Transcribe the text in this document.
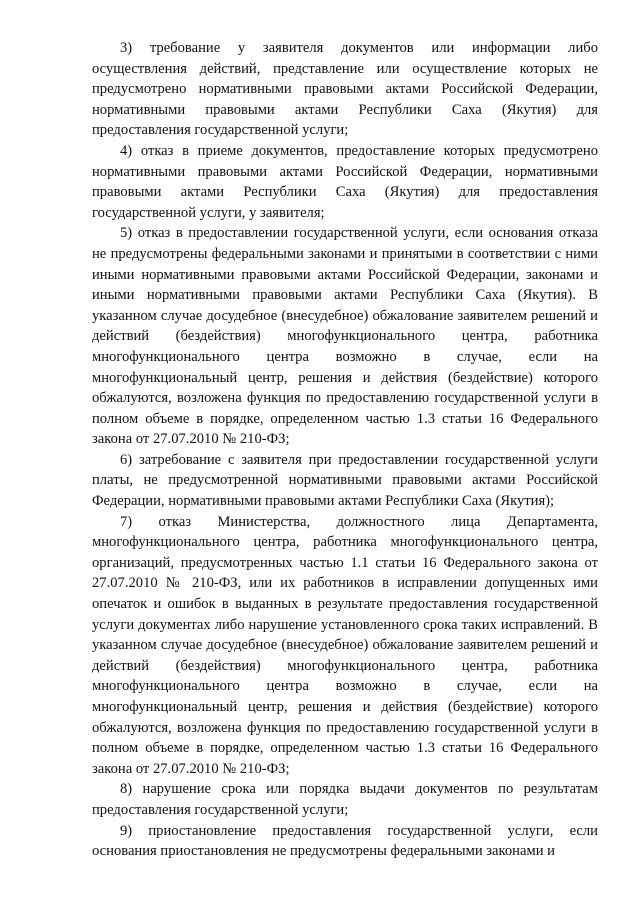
3) требование у заявителя документов или информации либо осуществления действий, представление или осуществление которых не предусмотрено нормативными правовыми актами Российской Федерации, нормативными правовыми актами Республики Саха (Якутия) для предоставления государственной услуги;

4) отказ в приеме документов, предоставление которых предусмотрено нормативными правовыми актами Российской Федерации, нормативными правовыми актами Республики Саха (Якутия) для предоставления государственной услуги, у заявителя;

5) отказ в предоставлении государственной услуги, если основания отказа не предусмотрены федеральными законами и принятыми в соответствии с ними иными нормативными правовыми актами Российской Федерации, законами и иными нормативными правовыми актами Республики Саха (Якутия). В указанном случае досудебное (внесудебное) обжалование заявителем решений и действий (бездействия) многофункционального центра, работника многофункционального центра возможно в случае, если на многофункциональный центр, решения и действия (бездействие) которого обжалуются, возложена функция по предоставлению государственной услуги в полном объеме в порядке, определенном частью 1.3 статьи 16 Федерального закона от 27.07.2010 № 210-ФЗ;

6) затребование с заявителя при предоставлении государственной услуги платы, не предусмотренной нормативными правовыми актами Российской Федерации, нормативными правовыми актами Республики Саха (Якутия);

7) отказ Министерства, должностного лица Департамента, многофункционального центра, работника многофункционального центра, организаций, предусмотренных частью 1.1 статьи 16 Федерального закона от 27.07.2010 № 210-ФЗ, или их работников в исправлении допущенных ими опечаток и ошибок в выданных в результате предоставления государственной услуги документах либо нарушение установленного срока таких исправлений. В указанном случае досудебное (внесудебное) обжалование заявителем решений и действий (бездействия) многофункционального центра, работника многофункционального центра возможно в случае, если на многофункциональный центр, решения и действия (бездействие) которого обжалуются, возложена функция по предоставлению государственной услуги в полном объеме в порядке, определенном частью 1.3 статьи 16 Федерального закона от 27.07.2010 № 210-ФЗ;

8) нарушение срока или порядка выдачи документов по результатам предоставления государственной услуги;

9) приостановление предоставления государственной услуги, если основания приостановления не предусмотрены федеральными законами и
